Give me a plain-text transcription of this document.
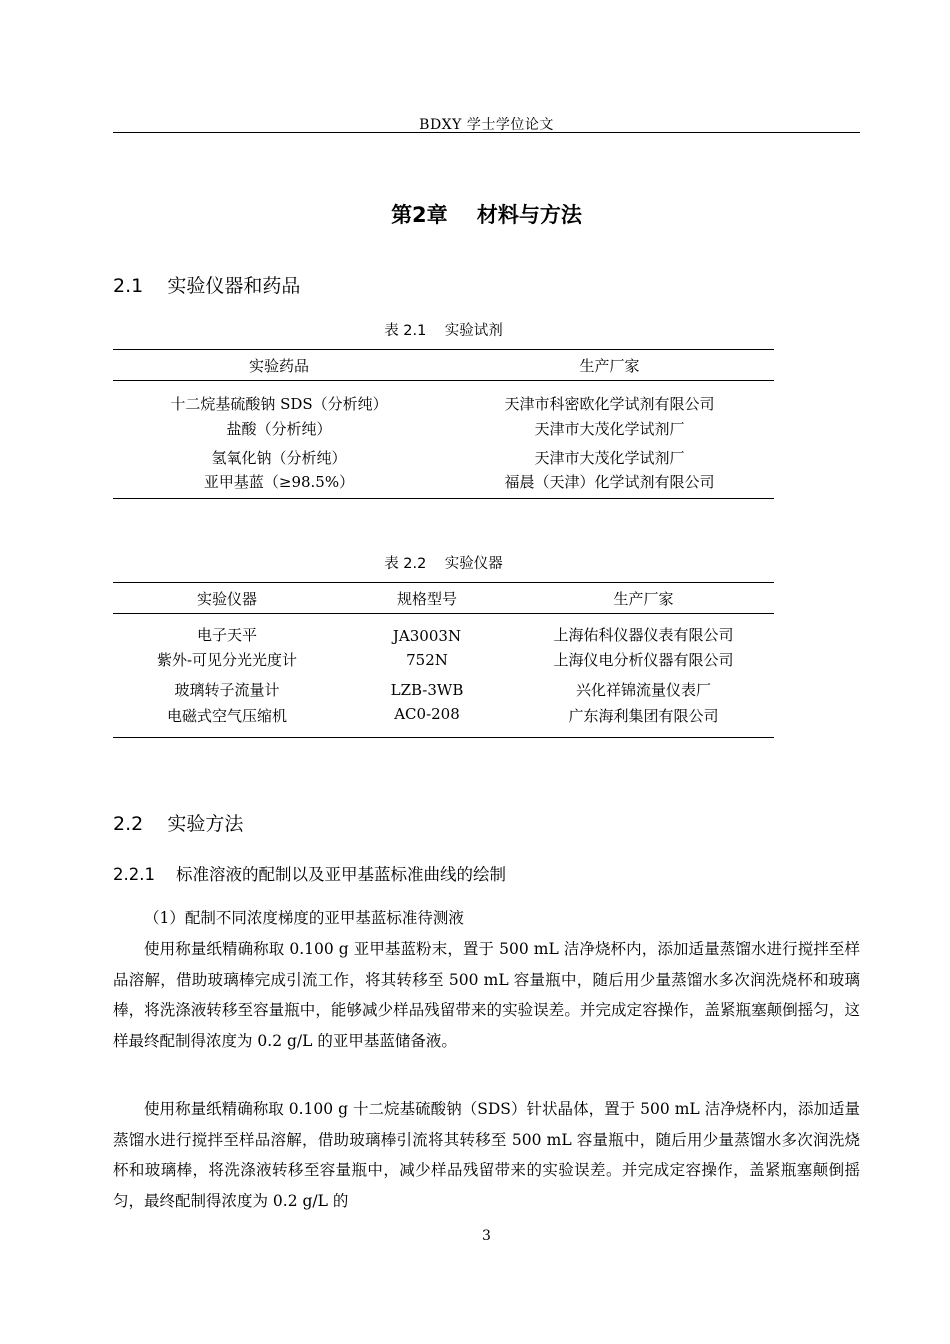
BDXY 学士学位论文
第2章    材料与方法
2.1    实验仪器和药品
表 2.1    实验试剂
实验药品	生产厂家
十二烷基硫酸钠 SDS（分析纯）	天津市科密欧化学试剂有限公司
盐酸（分析纯）	天津市大茂化学试剂厂
氢氧化钠（分析纯）	天津市大茂化学试剂厂
亚甲基蓝（≥98.5%）	福晨（天津）化学试剂有限公司
表 2.2    实验仪器
实验仪器	规格型号	生产厂家
电子天平	JA3003N	上海佑科仪器仪表有限公司
紫外-可见分光光度计	752N	上海仪电分析仪器有限公司
玻璃转子流量计	LZB-3WB	兴化祥锦流量仪表厂
电磁式空气压缩机	AC0-208	广东海利集团有限公司
2.2    实验方法
2.2.1    标准溶液的配制以及亚甲基蓝标准曲线的绘制

（1）配制不同浓度梯度的亚甲基蓝标准待测液

使用称量纸精确称取 0.100 g 亚甲基蓝粉末，置于 500 mL 洁净烧杯内，添加适量蒸馏水进行搅拌至样品溶解，借助玻璃棒完成引流工作，将其转移至 500 mL 容量瓶中，随后用少量蒸馏水多次润洗烧杯和玻璃棒，将洗涤液转移至容量瓶中，能够减少样品残留带来的实验误差。并完成定容操作，盖紧瓶塞颠倒摇匀，这样最终配制得浓度为 0.2 g/L 的亚甲基蓝储备液。

使用称量纸精确称取 0.100 g 十二烷基硫酸钠（SDS）针状晶体，置于 500 mL 洁净烧杯内，添加适量蒸馏水进行搅拌至样品溶解，借助玻璃棒引流将其转移至 500 mL 容量瓶中，随后用少量蒸馏水多次润洗烧杯和玻璃棒，将洗涤液转移至容量瓶中，减少样品残留带来的实验误差。并完成定容操作，盖紧瓶塞颠倒摇匀，最终配制得浓度为 0.2 g/L 的

3
